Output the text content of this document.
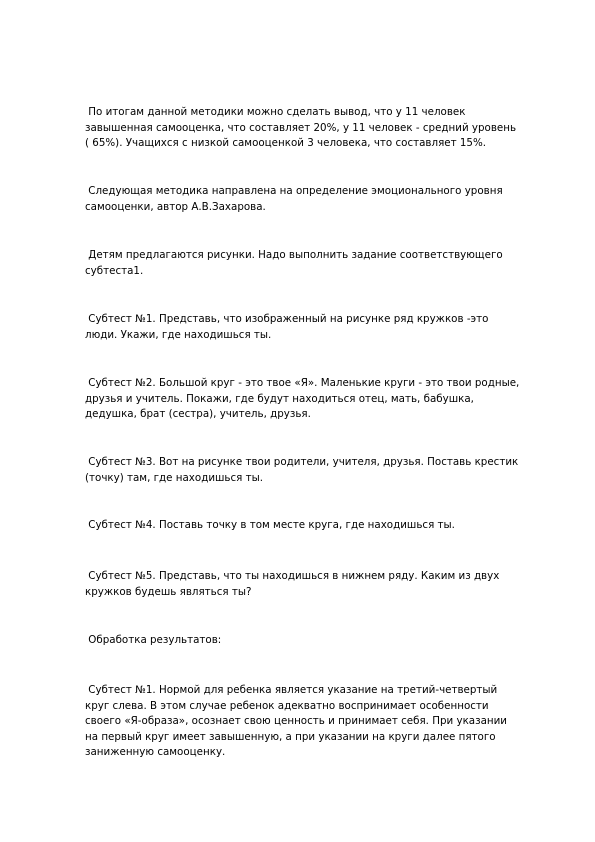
По итогам данной методики можно сделать вывод, что у 11 человек
завышенная самооценка, что составляет 20%, у 11 человек - средний уровень
( 65%). Учащихся с низкой самооценкой 3 человека, что составляет 15%.

Следующая методика направлена на определение эмоционального уровня
самооценки, автор А.В.Захарова.

Детям предлагаются рисунки. Надо выполнить задание соответствующего
субтеста1.

Субтест №1. Представь, что изображенный на рисунке ряд кружков -это
люди. Укажи, где находишься ты.

Субтест №2. Большой круг - это твое «Я». Маленькие круги - это твои родные,
друзья и учитель. Покажи, где будут находиться отец, мать, бабушка,
дедушка, брат (сестра), учитель, друзья.

Субтест №3. Вот на рисунке твои родители, учителя, друзья. Поставь крестик
(точку) там, где находишься ты.

Субтест №4. Поставь точку в том месте круга, где находишься ты.

Субтест №5. Представь, что ты находишься в нижнем ряду. Каким из двух
кружков будешь являться ты?

Обработка результатов:

Субтест №1. Нормой для ребенка является указание на третий-четвертый
круг слева. В этом случае ребенок адекватно воспринимает особенности
своего «Я-образа», осознает свою ценность и принимает себя. При указании
на первый круг имеет завышенную, а при указании на круги далее пятого
заниженную самооценку.
